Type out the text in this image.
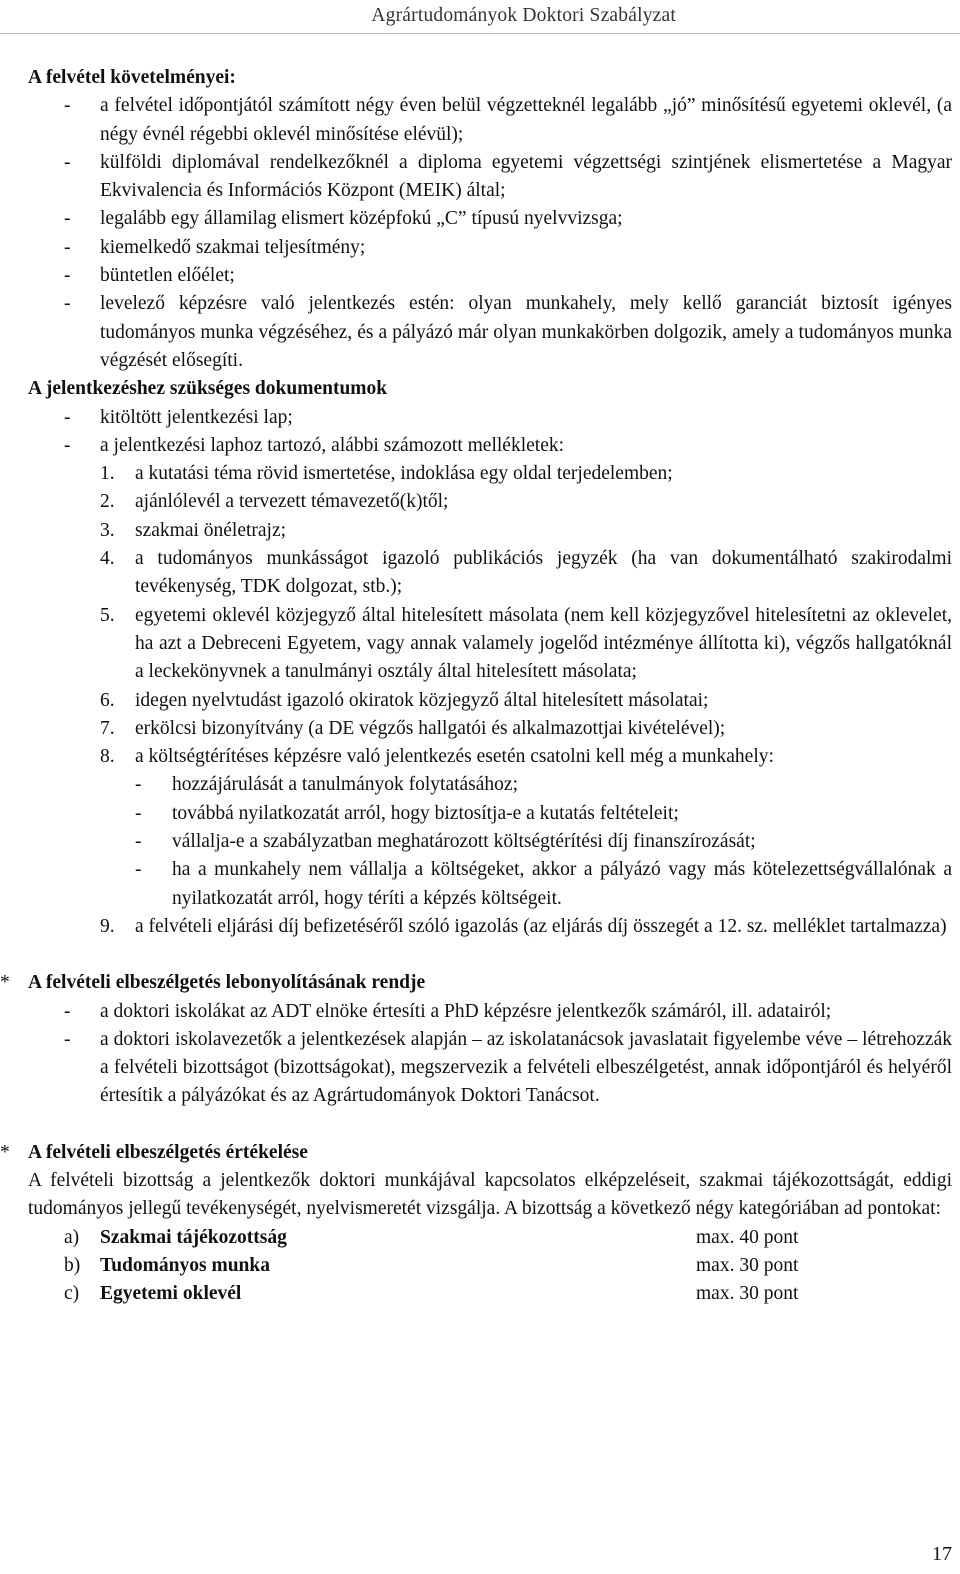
Agrártudományok Doktori Szabályzat
A felvétel követelményei:
- a felvétel időpontjától számított négy éven belül végzetteknél legalább „jó” minősítésű egyetemi oklevél, (a négy évnél régebbi oklevél minősítése elévül);
- külföldi diplomával rendelkezőknél a diploma egyetemi végzettségi szintjének elismertetése a Magyar Ekvivalencia és Információs Központ (MEIK) által;
- legalább egy államilag elismert középfokú „C” típusú nyelvvizsga;
- kiemelkedő szakmai teljesítmény;
- büntetlen előélet;
- levelező képzésre való jelentkezés estén: olyan munkahely, mely kellő garanciát biztosít igényes tudományos munka végzéséhez, és a pályázó már olyan munkakörben dolgozik, amely a tudományos munka végzését elősegíti.
A jelentkezéshez szükséges dokumentumok
- kitöltött jelentkezési lap;
- a jelentkezési laphoz tartozó, alábbi számozott mellékletek:
1. a kutatási téma rövid ismertetése, indoklása egy oldal terjedelemben;
2. ajánlólevél a tervezett témavezető(k)től;
3. szakmai önéletrajz;
4. a tudományos munkásságot igazoló publikációs jegyzék (ha van dokumentálható szakirodalmi tevékenység, TDK dolgozat, stb.);
5. egyetemi oklevél közjegyző által hitelesített másolata (nem kell közjegyzővel hitelesítetni az oklevelet, ha azt a Debreceni Egyetem, vagy annak valamely jogelőd intézménye állította ki), végzős hallgatóknál a leckekönyvnek a tanulmányi osztály által hitelesített másolata;
6. idegen nyelvtudást igazoló okiratok közjegyző által hitelesített másolatai;
7. erkölcsi bizonyítvány (a DE végzős hallgatói és alkalmazottjai kivételével);
8. a költségtérítéses képzésre való jelentkezés esetén csatolni kell még a munkahely:
- hozzájárulását a tanulmányok folytatásához;
- továbbá nyilatkozatát arról, hogy biztosítja-e a kutatás feltételeit;
- vállalja-e a szabályzatban meghatározott költségtérítési díj finanszírozását;
- ha a munkahely nem vállalja a költségeket, akkor a pályázó vagy más kötelezettségvállalónak a nyilatkozatát arról, hogy téríti a képzés költségeit.
9. a felvételi eljárási díj befizetéséről szóló igazolás (az eljárás díj összegét a 12. sz. melléklet tartalmazza)
* A felvételi elbeszélgetés lebonyolításának rendje
- a doktori iskolákat az ADT elnöke értesíti a PhD képzésre jelentkezők számáról, ill. adatairól;
- a doktori iskolavezetők a jelentkezések alapján – az iskolatanácsok javaslatait figyelembe véve – létrehozzák a felvételi bizottságot (bizottságokat), megszervezik a felvételi elbeszélgetést, annak időpontjáról és helyéről értesítik a pályázókat és az Agrártudományok Doktori Tanácsot.
* A felvételi elbeszélgetés értékelése
A felvételi bizottság a jelentkezők doktori munkájával kapcsolatos elképzeléseit, szakmai tájékozottságát, eddigi tudományos jellegű tevékenységét, nyelvismeretét vizsgálja. A bizottság a következő négy kategóriában ad pontokat:
a) Szakmai tájékozottság	max. 40 pont
b) Tudományos munka	max. 30 pont
c) Egyetemi oklevél	max. 30 pont
17
